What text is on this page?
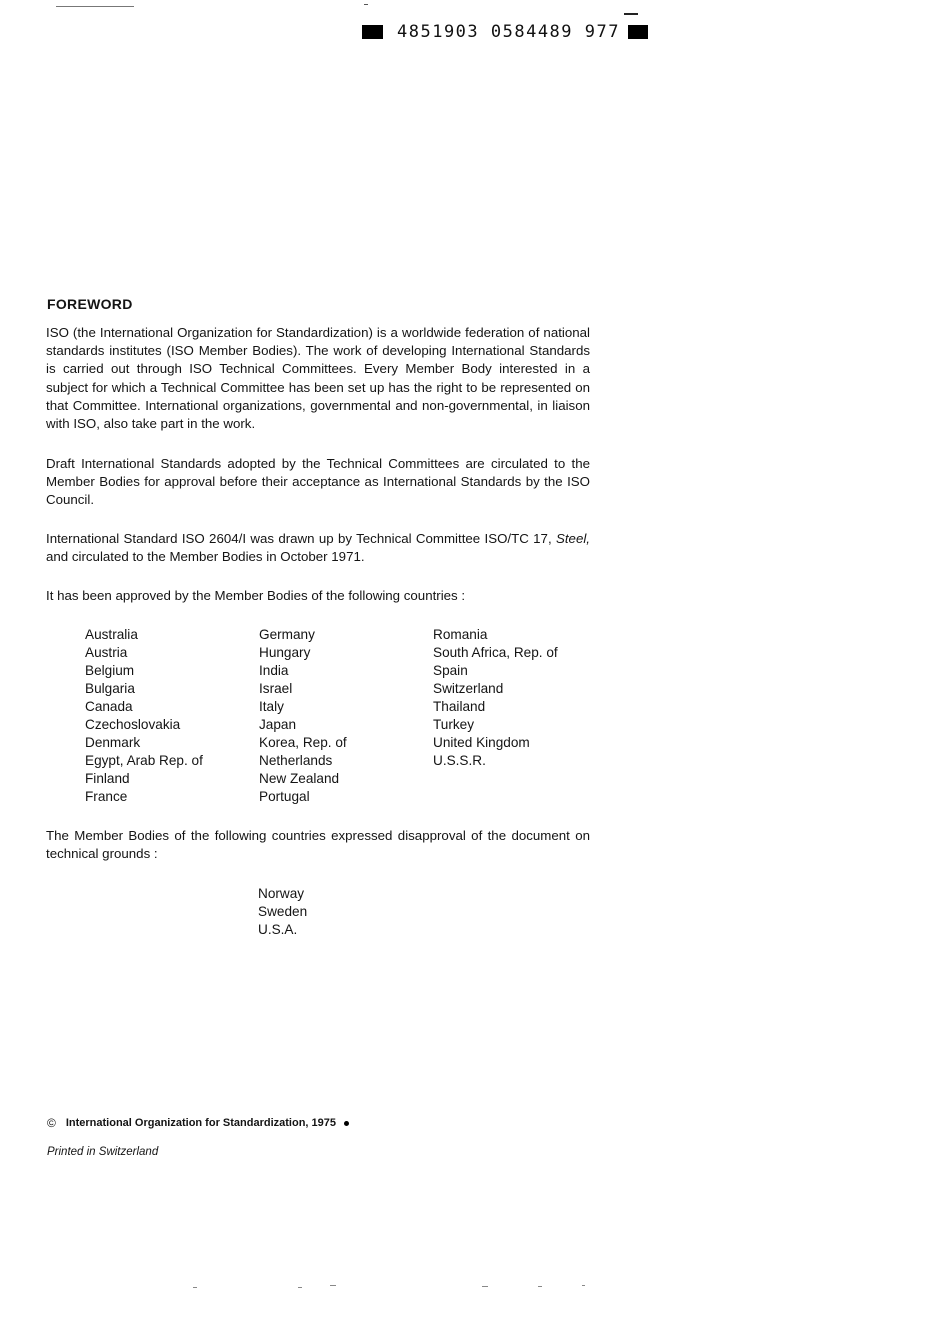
4851903 0584489 977
FOREWORD
ISO (the International Organization for Standardization) is a worldwide federation of national standards institutes (ISO Member Bodies). The work of developing International Standards is carried out through ISO Technical Committees. Every Member Body interested in a subject for which a Technical Committee has been set up has the right to be represented on that Committee. International organizations, governmental and non-governmental, in liaison with ISO, also take part in the work.
Draft International Standards adopted by the Technical Committees are circulated to the Member Bodies for approval before their acceptance as International Standards by the ISO Council.
International Standard ISO 2604/I was drawn up by Technical Committee ISO/TC 17, Steel, and circulated to the Member Bodies in October 1971.
It has been approved by the Member Bodies of the following countries :
Australia
Austria
Belgium
Bulgaria
Canada
Czechoslovakia
Denmark
Egypt, Arab Rep. of
Finland
France
Germany
Hungary
India
Israel
Italy
Japan
Korea, Rep. of
Netherlands
New Zealand
Portugal
Romania
South Africa, Rep. of
Spain
Switzerland
Thailand
Turkey
United Kingdom
U.S.S.R.
The Member Bodies of the following countries expressed disapproval of the document on technical grounds :
Norway
Sweden
U.S.A.
© International Organization for Standardization, 1975
Printed in Switzerland
